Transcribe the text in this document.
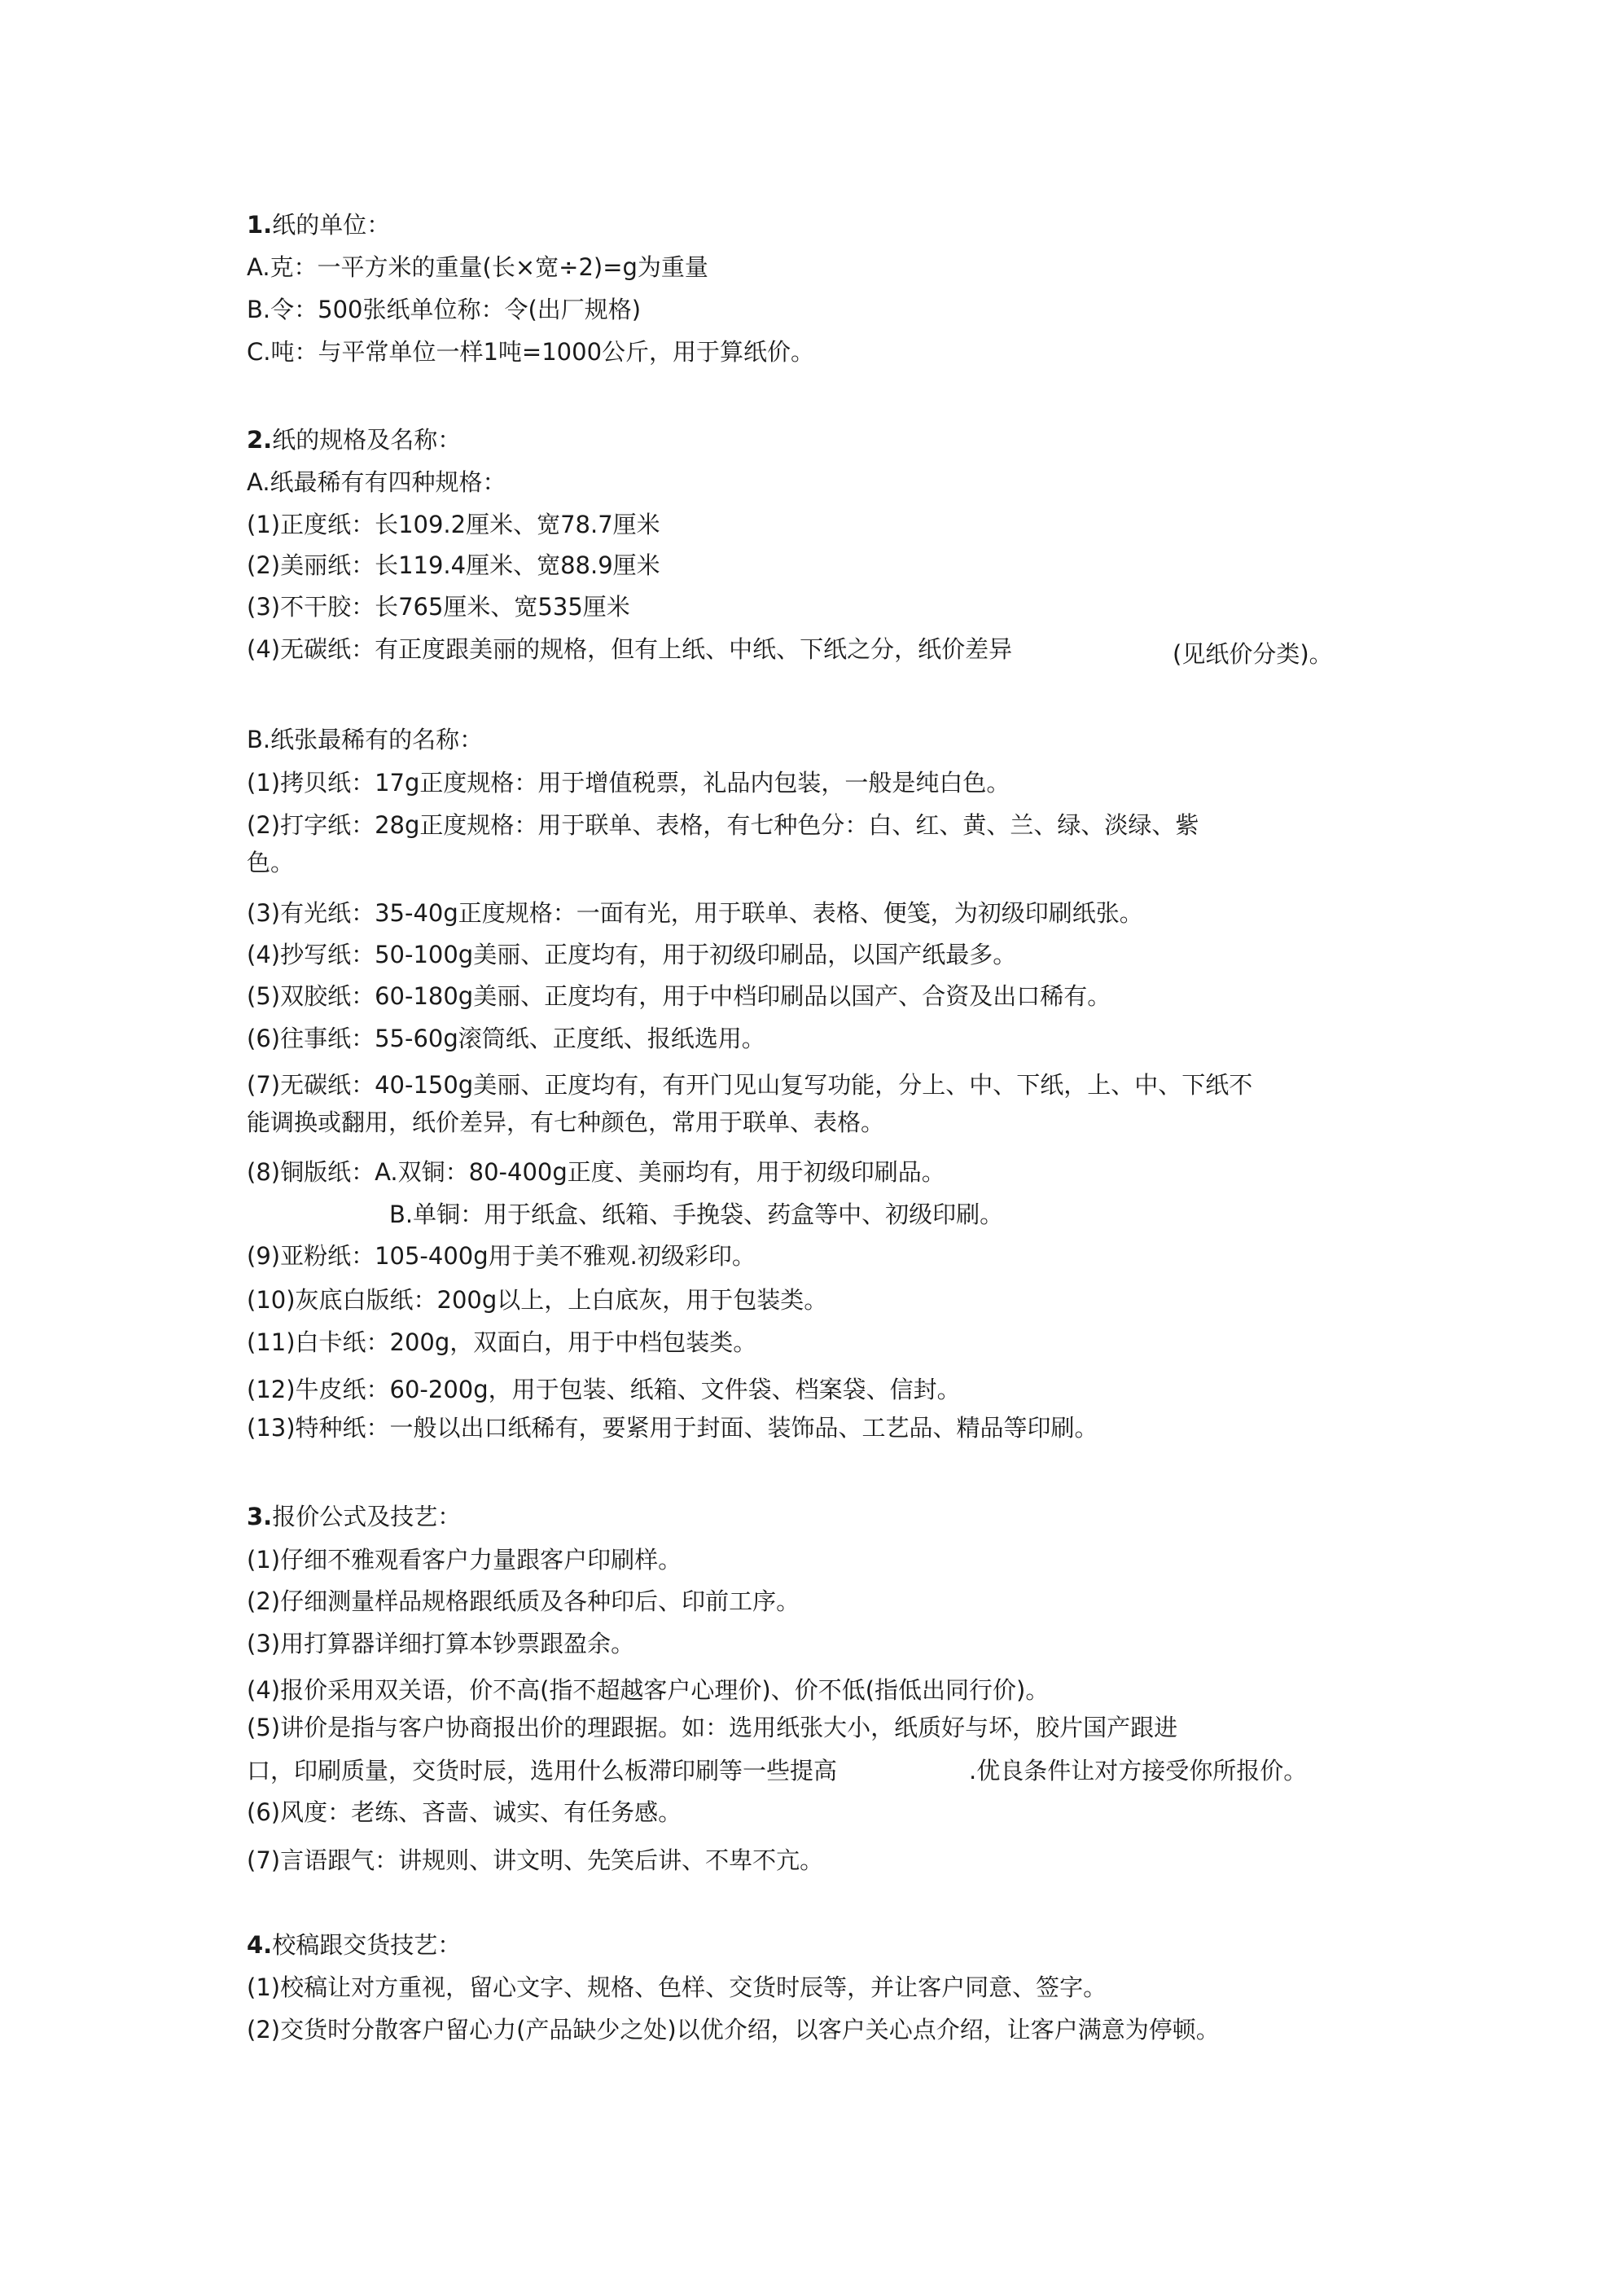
1.纸的单位：
A.克：一平方米的重量(长×宽÷2)=g为重量
B.令：500张纸单位称：令(出厂规格)
C.吨：与平常单位一样1吨=1000公斤，用于算纸价。
2.纸的规格及名称：
A.纸最稀有有四种规格：
(1)正度纸：长109.2厘米、宽78.7厘米
(2)美丽纸：长119.4厘米、宽88.9厘米
(3)不干胶：长765厘米、宽535厘米
(4)无碳纸：有正度跟美丽的规格，但有上纸、中纸、下纸之分，纸价差异	(见纸价分类)。
B.纸张最稀有的名称：
(1)拷贝纸：17g正度规格：用于增值税票，礼品内包装，一般是纯白色。
(2)打字纸：28g正度规格：用于联单、表格，有七种色分：白、红、黄、兰、绿、淡绿、紫
色。
(3)有光纸：35-40g正度规格：一面有光，用于联单、表格、便笺，为初级印刷纸张。
(4)抄写纸：50-100g美丽、正度均有，用于初级印刷品，以国产纸最多。
(5)双胶纸：60-180g美丽、正度均有，用于中档印刷品以国产、合资及出口稀有。
(6)往事纸：55-60g滚筒纸、正度纸、报纸选用。
(7)无碳纸：40-150g美丽、正度均有，有开门见山复写功能，分上、中、下纸，上、中、下纸不
能调换或翻用，纸价差异，有七种颜色，常用于联单、表格。
(8)铜版纸：A.双铜：80-400g正度、美丽均有，用于初级印刷品。
B.单铜：用于纸盒、纸箱、手挽袋、药盒等中、初级印刷。
(9)亚粉纸：105-400g用于美不雅观.初级彩印。
(10)灰底白版纸：200g以上，上白底灰，用于包装类。
(11)白卡纸：200g，双面白，用于中档包装类。
(12)牛皮纸：60-200g，用于包装、纸箱、文件袋、档案袋、信封。
(13)特种纸：一般以出口纸稀有，要紧用于封面、装饰品、工艺品、精品等印刷。
3.报价公式及技艺：
(1)仔细不雅观看客户力量跟客户印刷样。
(2)仔细测量样品规格跟纸质及各种印后、印前工序。
(3)用打算器详细打算本钞票跟盈余。
(4)报价采用双关语，价不高(指不超越客户心理价)、价不低(指低出同行价)。
(5)讲价是指与客户协商报出价的理跟据。如：选用纸张大小，纸质好与坏，胶片国产跟进
口，印刷质量，交货时辰，选用什么板滞印刷等一些提高	.优良条件让对方接受你所报价。
(6)风度：老练、吝啬、诚实、有任务感。
(7)言语跟气：讲规则、讲文明、先笑后讲、不卑不亢。
4.校稿跟交货技艺：
(1)校稿让对方重视，留心文字、规格、色样、交货时辰等，并让客户同意、签字。
(2)交货时分散客户留心力(产品缺少之处)以优介绍，以客户关心点介绍，让客户满意为停顿。
